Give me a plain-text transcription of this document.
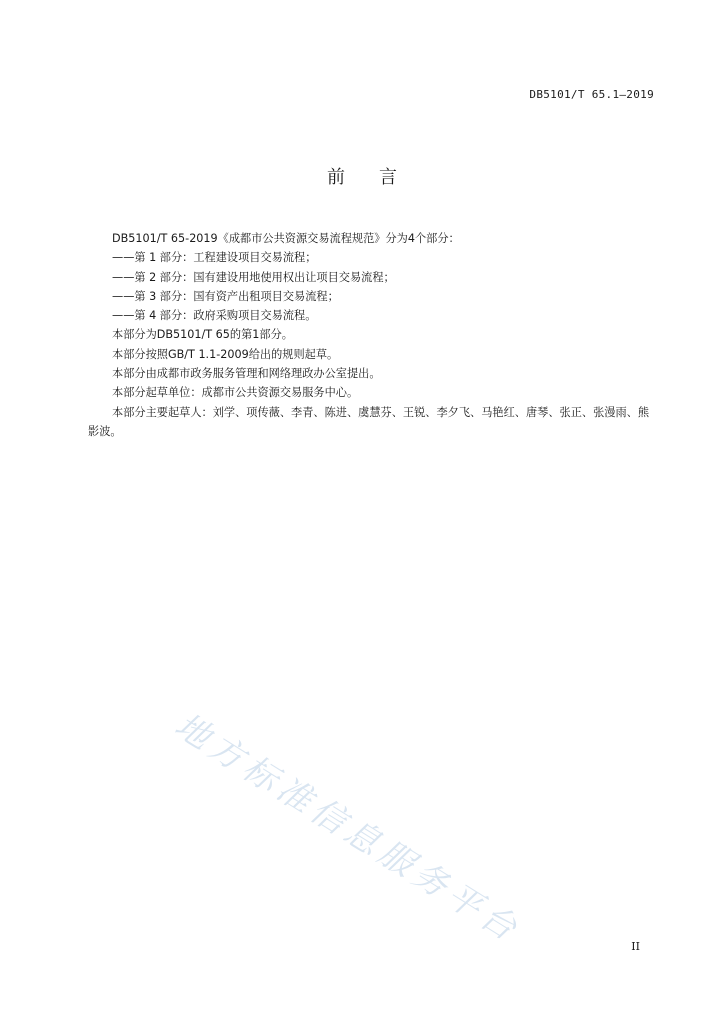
DB5101/T 65.1—2019
前言

DB5101/T 65-2019《成都市公共资源交易流程规范》分为4个部分：

——第 1 部分：工程建设项目交易流程；

——第 2 部分：国有建设用地使用权出让项目交易流程；

——第 3 部分：国有资产出租项目交易流程；

——第 4 部分：政府采购项目交易流程。

本部分为DB5101/T 65的第1部分。

本部分按照GB/T 1.1-2009给出的规则起草。

本部分由成都市政务服务管理和网络理政办公室提出。

本部分起草单位：成都市公共资源交易服务中心。

本部分主要起草人：刘学、项传薇、李青、陈进、虞慧芬、王锐、李夕飞、马艳红、唐琴、张正、张漫雨、熊影波。

地方标准信息服务平台	II
